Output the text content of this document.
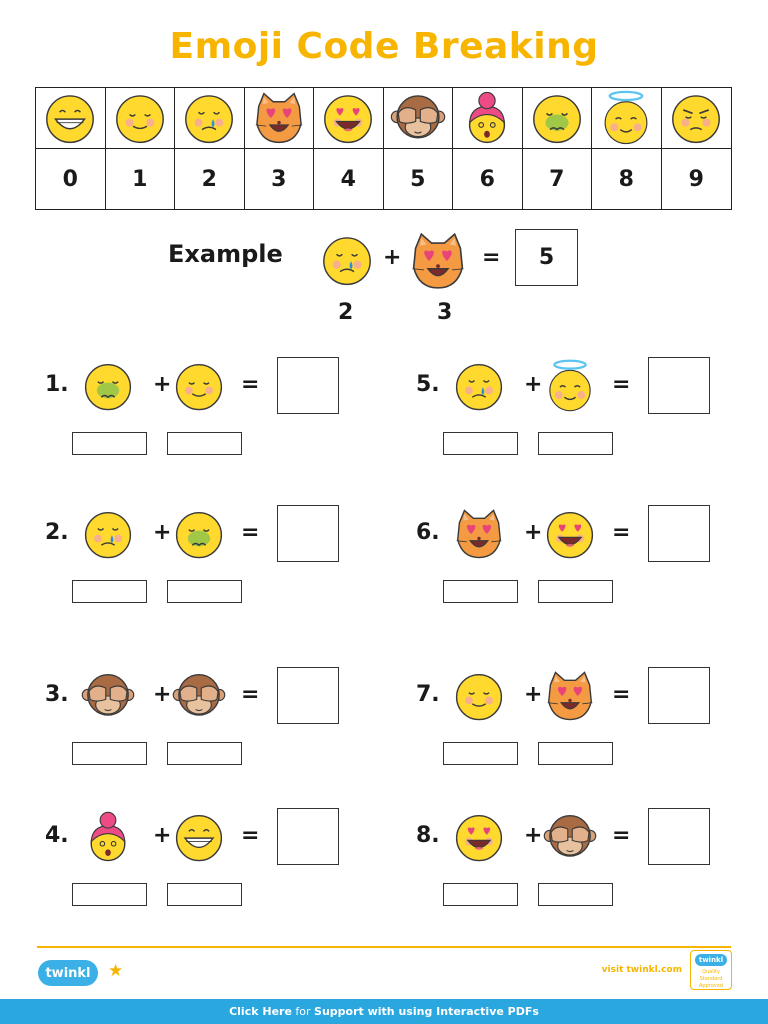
Emoji Code Breaking
0 1 2 3 4 5 6 7 8 9
Example	+	=	5
2	3
1.	+	=
2.	+	=
3.	+	=
4.	+	=
5.	+	=
6.	+	=
7.	+	=
8.	+	=
twinkl	★	visit twinkl.com
twinkl
Quality Standard Approved
Click Here for Support with using Interactive PDFs
